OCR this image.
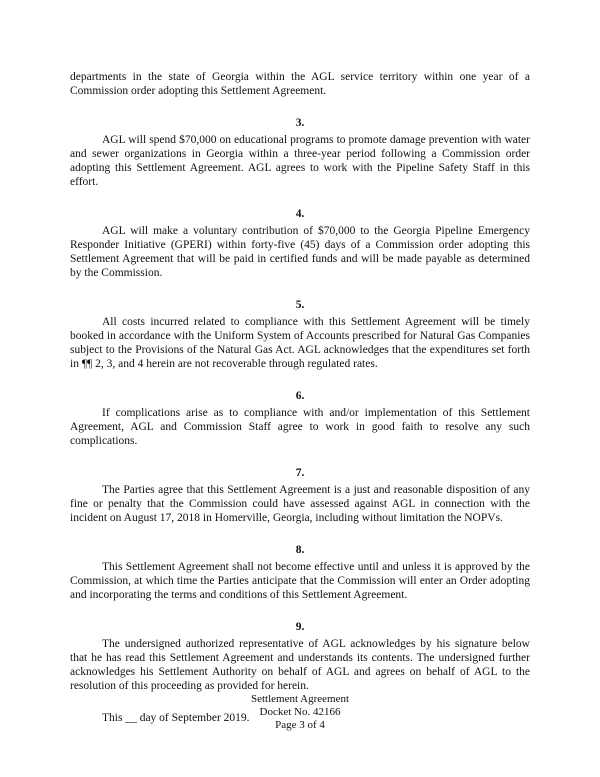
departments in the state of Georgia within the AGL service territory within one year of a Commission order adopting this Settlement Agreement.

3.

AGL will spend $70,000 on educational programs to promote damage prevention with water and sewer organizations in Georgia within a three-year period following a Commission order adopting this Settlement Agreement. AGL agrees to work with the Pipeline Safety Staff in this effort.

4.

AGL will make a voluntary contribution of $70,000 to the Georgia Pipeline Emergency Responder Initiative (GPERI) within forty-five (45) days of a Commission order adopting this Settlement Agreement that will be paid in certified funds and will be made payable as determined by the Commission.

5.

All costs incurred related to compliance with this Settlement Agreement will be timely booked in accordance with the Uniform System of Accounts prescribed for Natural Gas Companies subject to the Provisions of the Natural Gas Act. AGL acknowledges that the expenditures set forth in ¶¶ 2, 3, and 4 herein are not recoverable through regulated rates.

6.

If complications arise as to compliance with and/or implementation of this Settlement Agreement, AGL and Commission Staff agree to work in good faith to resolve any such complications.

7.

The Parties agree that this Settlement Agreement is a just and reasonable disposition of any fine or penalty that the Commission could have assessed against AGL in connection with the incident on August 17, 2018 in Homerville, Georgia, including without limitation the NOPVs.

8.

This Settlement Agreement shall not become effective until and unless it is approved by the Commission, at which time the Parties anticipate that the Commission will enter an Order adopting and incorporating the terms and conditions of this Settlement Agreement.

9.

The undersigned authorized representative of AGL acknowledges by his signature below that he has read this Settlement Agreement and understands its contents. The undersigned further acknowledges his Settlement Authority on behalf of AGL and agrees on behalf of AGL to the resolution of this proceeding as provided for herein.

This __ day of September 2019.

Settlement Agreement
Docket No. 42166
Page 3 of 4
